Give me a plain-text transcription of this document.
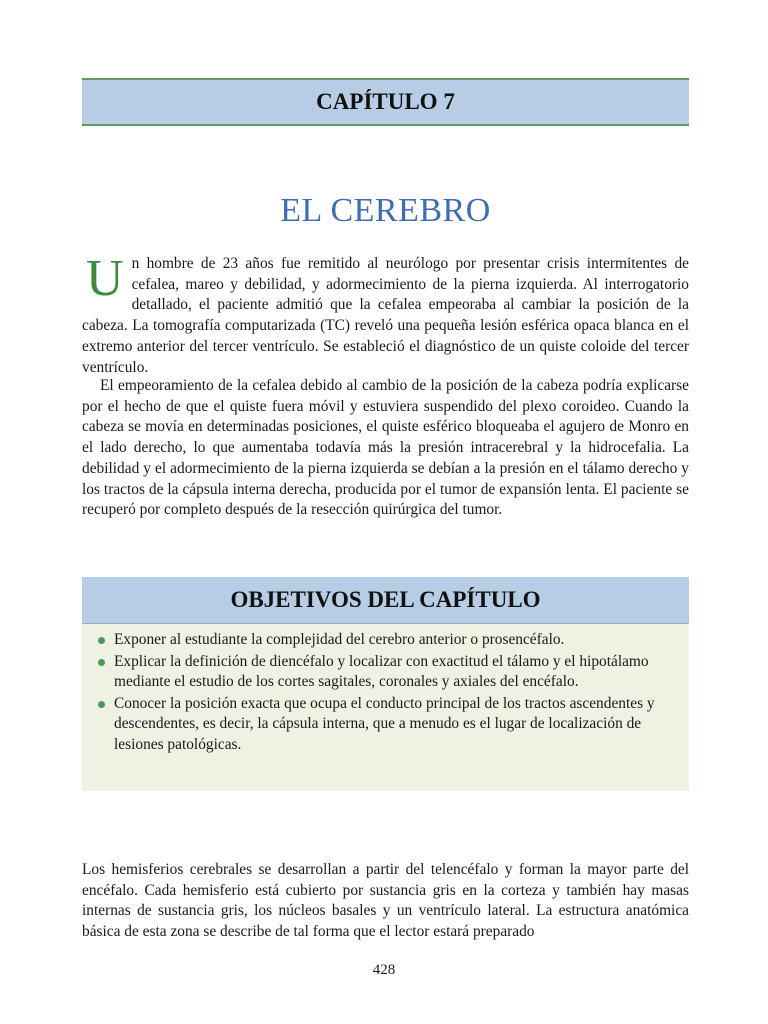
CAPÍTULO 7
EL CEREBRO

U n hombre de 23 años fue remitido al neurólogo por presentar crisis intermitentes de cefalea, mareo y debilidad, y adormecimiento de la pierna izquierda. Al interrogatorio detallado, el paciente admitió que la cefalea empeoraba al cambiar la posición de la cabeza. La tomografía computarizada (TC) reveló una pequeña lesión esférica opaca blanca en el extremo anterior del tercer ventrículo. Se estableció el diagnóstico de un quiste coloide del tercer ventrículo.

El empeoramiento de la cefalea debido al cambio de la posición de la cabeza podría explicarse por el hecho de que el quiste fuera móvil y estuviera suspendido del plexo coroideo. Cuando la cabeza se movía en determinadas posiciones, el quiste esférico bloqueaba el agujero de Monro en el lado derecho, lo que aumentaba todavía más la presión intracerebral y la hidrocefalia. La debilidad y el adormecimiento de la pierna izquierda se debían a la presión en el tálamo derecho y los tractos de la cápsula interna derecha, producida por el tumor de expansión lenta. El paciente se recuperó por completo después de la resección quirúrgica del tumor.

OBJETIVOS DEL CAPÍTULO
Exponer al estudiante la complejidad del cerebro anterior o prosencéfalo.
Explicar la definición de diencéfalo y localizar con exactitud el tálamo y el hipotálamo mediante el estudio de los cortes sagitales, coronales y axiales del encéfalo.
Conocer la posición exacta que ocupa el conducto principal de los tractos ascendentes y descendentes, es decir, la cápsula interna, que a menudo es el lugar de localización de lesiones patológicas.

Los hemisferios cerebrales se desarrollan a partir del telencéfalo y forman la mayor parte del encéfalo. Cada hemisferio está cubierto por sustancia gris en la corteza y también hay masas internas de sustancia gris, los núcleos basales y un ventrículo lateral. La estructura anatómica básica de esta zona se describe de tal forma que el lector estará preparado

428
